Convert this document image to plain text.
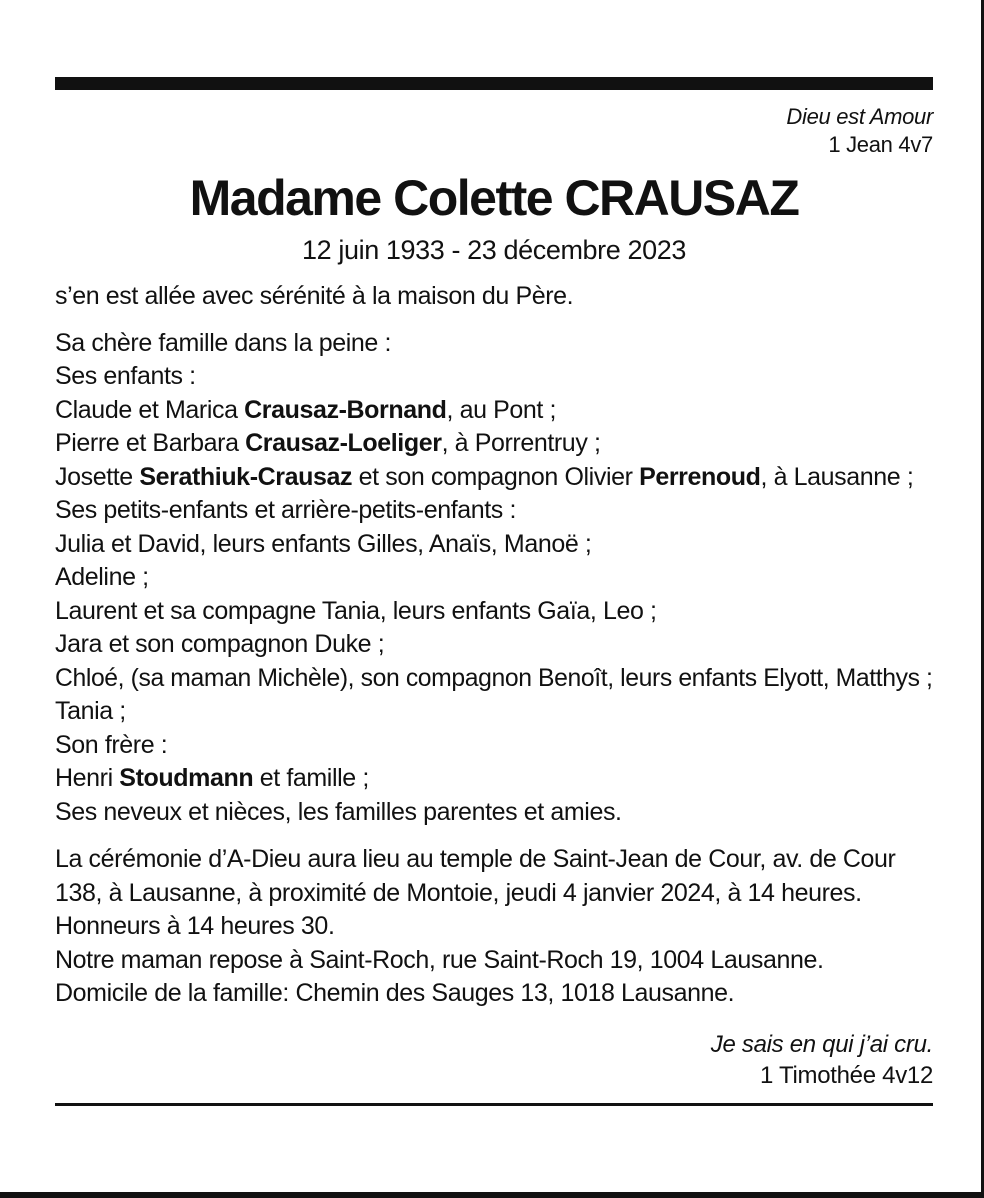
Dieu est Amour
1 Jean 4v7
Madame Colette CRAUSAZ
12 juin 1933 - 23 décembre 2023
s’en est allée avec sérénité à la maison du Père.
Sa chère famille dans la peine :
Ses enfants :
Claude et Marica Crausaz-Bornand, au Pont ;
Pierre et Barbara Crausaz-Loeliger, à Porrentruy ;
Josette Serathiuk-Crausaz et son compagnon Olivier Perrenoud, à Lausanne ;
Ses petits-enfants et arrière-petits-enfants :
Julia et David, leurs enfants Gilles, Anaïs, Manoë ;
Adeline ;
Laurent et sa compagne Tania, leurs enfants Gaïa, Leo ;
Jara et son compagnon Duke ;
Chloé, (sa maman Michèle), son compagnon Benoît, leurs enfants Elyott, Matthys ;
Tania ;
Son frère :
Henri Stoudmann et famille ;
Ses neveux et nièces, les familles parentes et amies.
La cérémonie d’A-Dieu aura lieu au temple de Saint-Jean de Cour, av. de Cour
138, à Lausanne, à proximité de Montoie, jeudi 4 janvier 2024, à 14 heures.
Honneurs à 14 heures 30.
Notre maman repose à Saint-Roch, rue Saint-Roch 19, 1004 Lausanne.
Domicile de la famille: Chemin des Sauges 13, 1018 Lausanne.
Je sais en qui j’ai cru.
1 Timothée 4v12
